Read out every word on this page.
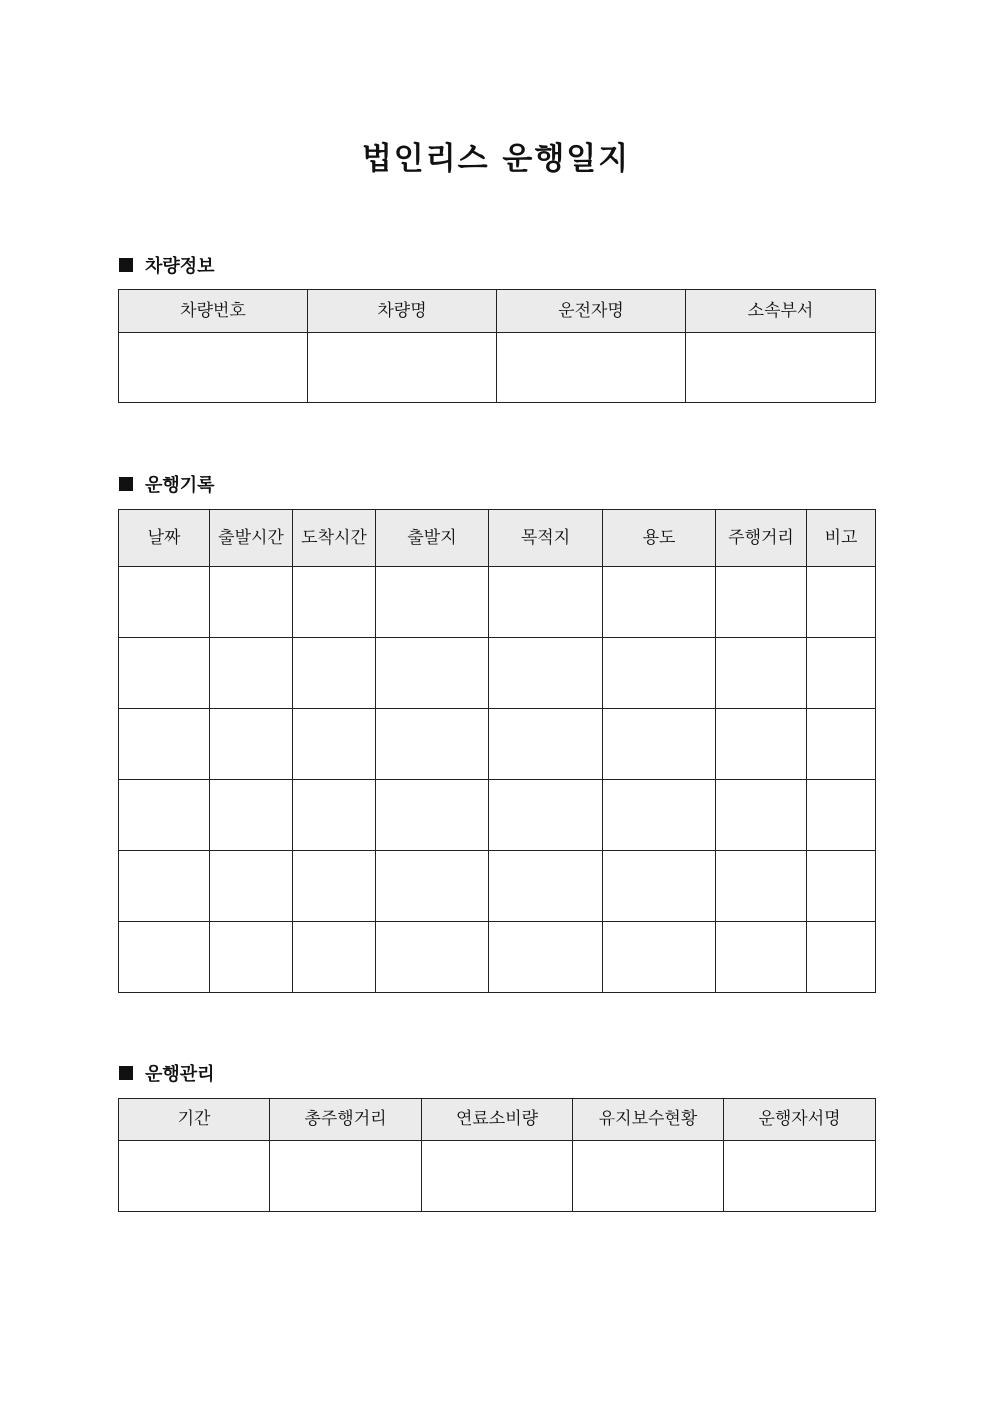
법인리스 운행일지
차량정보
차량번호	차량명	운전자명	소속부서

운행기록
날짜	출발시간	도착시간	출발지	목적지	용도	주행거리	비고

운행관리
기간	총주행거리	연료소비량	유지보수현황	운행자서명
